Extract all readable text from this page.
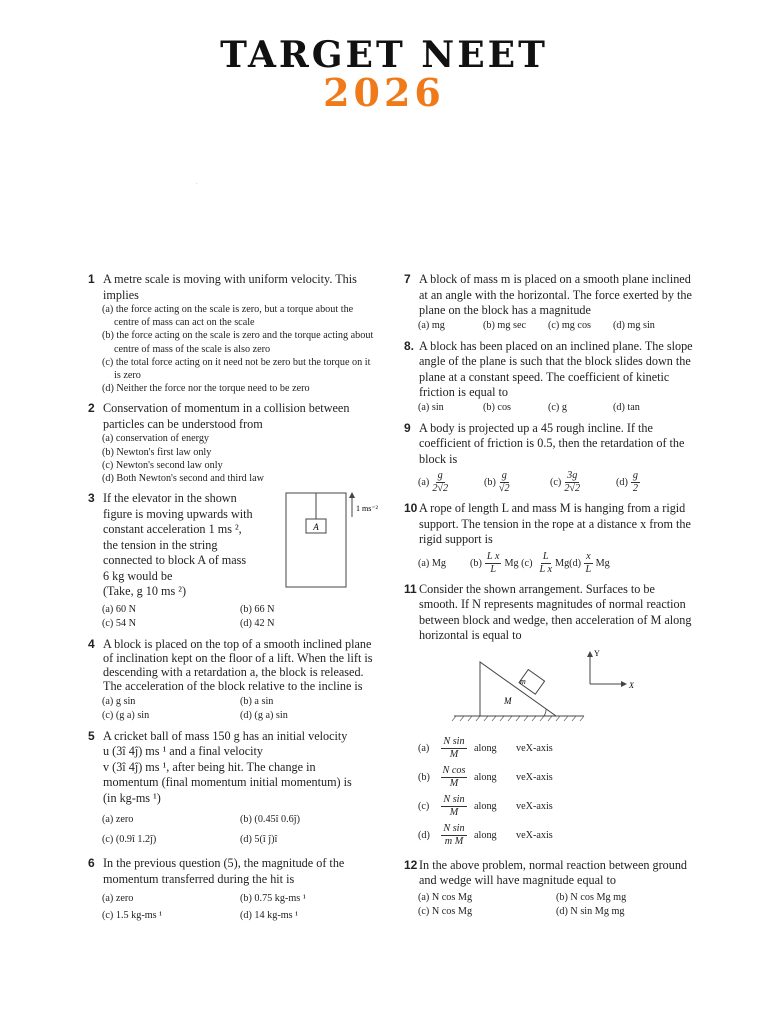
TARGET NEET
2026
.
1 A metre scale is moving with uniform velocity. This implies
(a) the force acting on the scale is zero, but a torque about the centre of mass can act on the scale
(b) the force acting on the scale is zero and the torque acting about centre of mass of the scale is also zero
(c) the total force acting on it need not be zero but the torque on it is zero
(d) Neither the force nor the torque need to be zero
2 Conservation of momentum in a collision between particles can be understood from
(a) conservation of energy
(b) Newton's first law only
(c) Newton's second law only
(d) Both Newton's second and third law
3 If the elevator in the shown
figure is moving upwards with
constant acceleration 1 ms ²,
the tension in the string
connected to block A of mass
6 kg would be
(Take, g 10 ms ²)
A
1 ms⁻²
(a) 60 N	(b) 66 N
(c) 54 N	(d) 42 N
4 A block is placed on the top of a smooth inclined plane of inclination kept on the floor of a lift. When the lift is descending with a retardation a, the block is released. The acceleration of the block relative to the incline is
(a) g sin	(b) a sin
(c) (g a) sin	(d) (g a) sin
5 A cricket ball of mass 150 g has an initial velocity
u (3î 4ĵ) ms ¹ and a final velocity
v (3î 4ĵ) ms ¹, after being hit. The change in
momentum (final momentum initial momentum) is
(in kg-ms ¹)
(a) zero	(b) (0.45î 0.6ĵ)
(c) (0.9î 1.2ĵ)	(d) 5(î ĵ)î
6 In the previous question (5), the magnitude of the momentum transferred during the hit is
(a) zero	(b) 0.75 kg-ms ¹
(c) 1.5 kg-ms ¹	(d) 14 kg-ms ¹
7 A block of mass m is placed on a smooth plane inclined at an angle with the horizontal. The force exerted by the plane on the block has a magnitude
(a) mg	(b) mg sec	(c) mg cos	(d) mg sin
8. A block has been placed on an inclined plane. The slope angle of the plane is such that the block slides down the plane at a constant speed. The coefficient of kinetic friction is equal to
(a) sin	(b) cos	(c) g	(d) tan
9 A body is projected up a 45 rough incline. If the coefficient of friction is 0.5, then the retardation of the block is
$(a) \frac{g}{2√2}$	$(b) \frac{g}{√2}$	$(c) \frac{3g}{2√2}$	$(d) \frac{g}{2}$
10 A rope of length L and mass M is hanging from a rigid support. The tension in the rope at a distance x from the rigid support is
(a) Mg	$(b) \frac{\text{L x}}{L}$ Mg $(c) \frac{L}{\text{L x}} Mg(d) \frac{x}{L}$ Mg
11 Consider the shown arrangement. Surfaces to be smooth. If N represents magnitudes of normal reaction between block and wedge, then acceleration of M along horizontal is equal to
m
M
Y
X
(a)	$\frac{\text{N sin}}{M}$ along	veX-axis
(b)	$\frac{\text{N cos}}{M}$ along	veX-axis
(c)	$\frac{\text{N sin}}{M}$ along	veX-axis
(d)	$\frac{\text{N sin}}{\text{m M}}$ along	veX-axis
12 In the above problem, normal reaction between ground and wedge will have magnitude equal to
(a) N cos Mg	(b) N cos Mg mg
(c) N cos Mg	(d) N sin Mg mg
